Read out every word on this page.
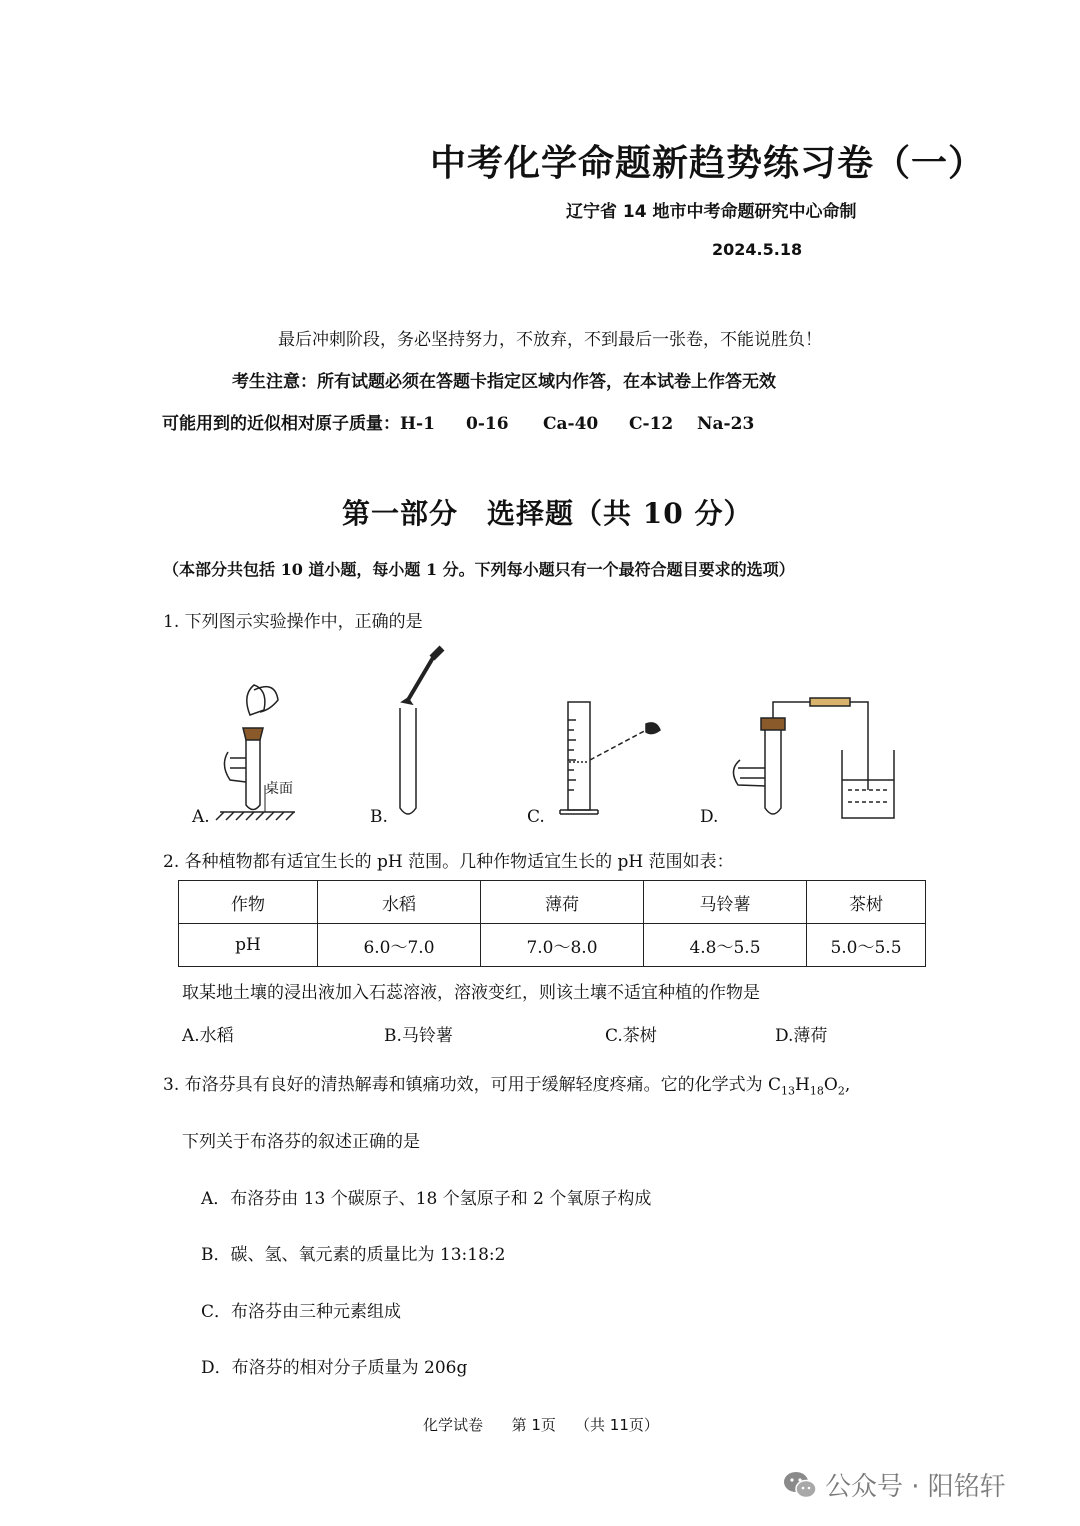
中考化学命题新趋势练习卷（一）
辽宁省 14 地市中考命题研究中心命制
2024.5.18
最后冲刺阶段，务必坚持努力，不放弃，不到最后一张卷，不能说胜负！
考生注意：所有试题必须在答题卡指定区域内作答，在本试卷上作答无效
可能用到的近似相对原子质量：H-1 0-16 Ca-40 C-12 Na-23
第一部分　选择题（共 10 分）
（本部分共包括 10 道小题，每小题 1 分。下列每小题只有一个最符合题目要求的选项）
1. 下列图示实验操作中，正确的是
桌面
A.	B.	C.	D.
2. 各种植物都有适宜生长的 pH 范围。几种作物适宜生长的 pH 范围如表：
作物	水稻	薄荷	马铃薯	茶树
pH	6.0～7.0	7.0～8.0	4.8～5.5	5.0～5.5
取某地土壤的浸出液加入石蕊溶液，溶液变红，则该土壤不适宜种植的作物是
A.水稻	B.马铃薯	C.茶树	D.薄荷
3. 布洛芬具有良好的清热解毒和镇痛功效，可用于缓解轻度疼痛。它的化学式为 $C_{13}H_{18}O_2$,
下列关于布洛芬的叙述正确的是
A．布洛芬由 13 个碳原子、18 个氢原子和 2 个氧原子构成
B．碳、氢、氧元素的质量比为 13:18:2
C．布洛芬由三种元素组成
D．布洛芬的相对分子质量为 206g
化学试卷 第 1页 （共 11页）
公众号 · 阳铭轩
